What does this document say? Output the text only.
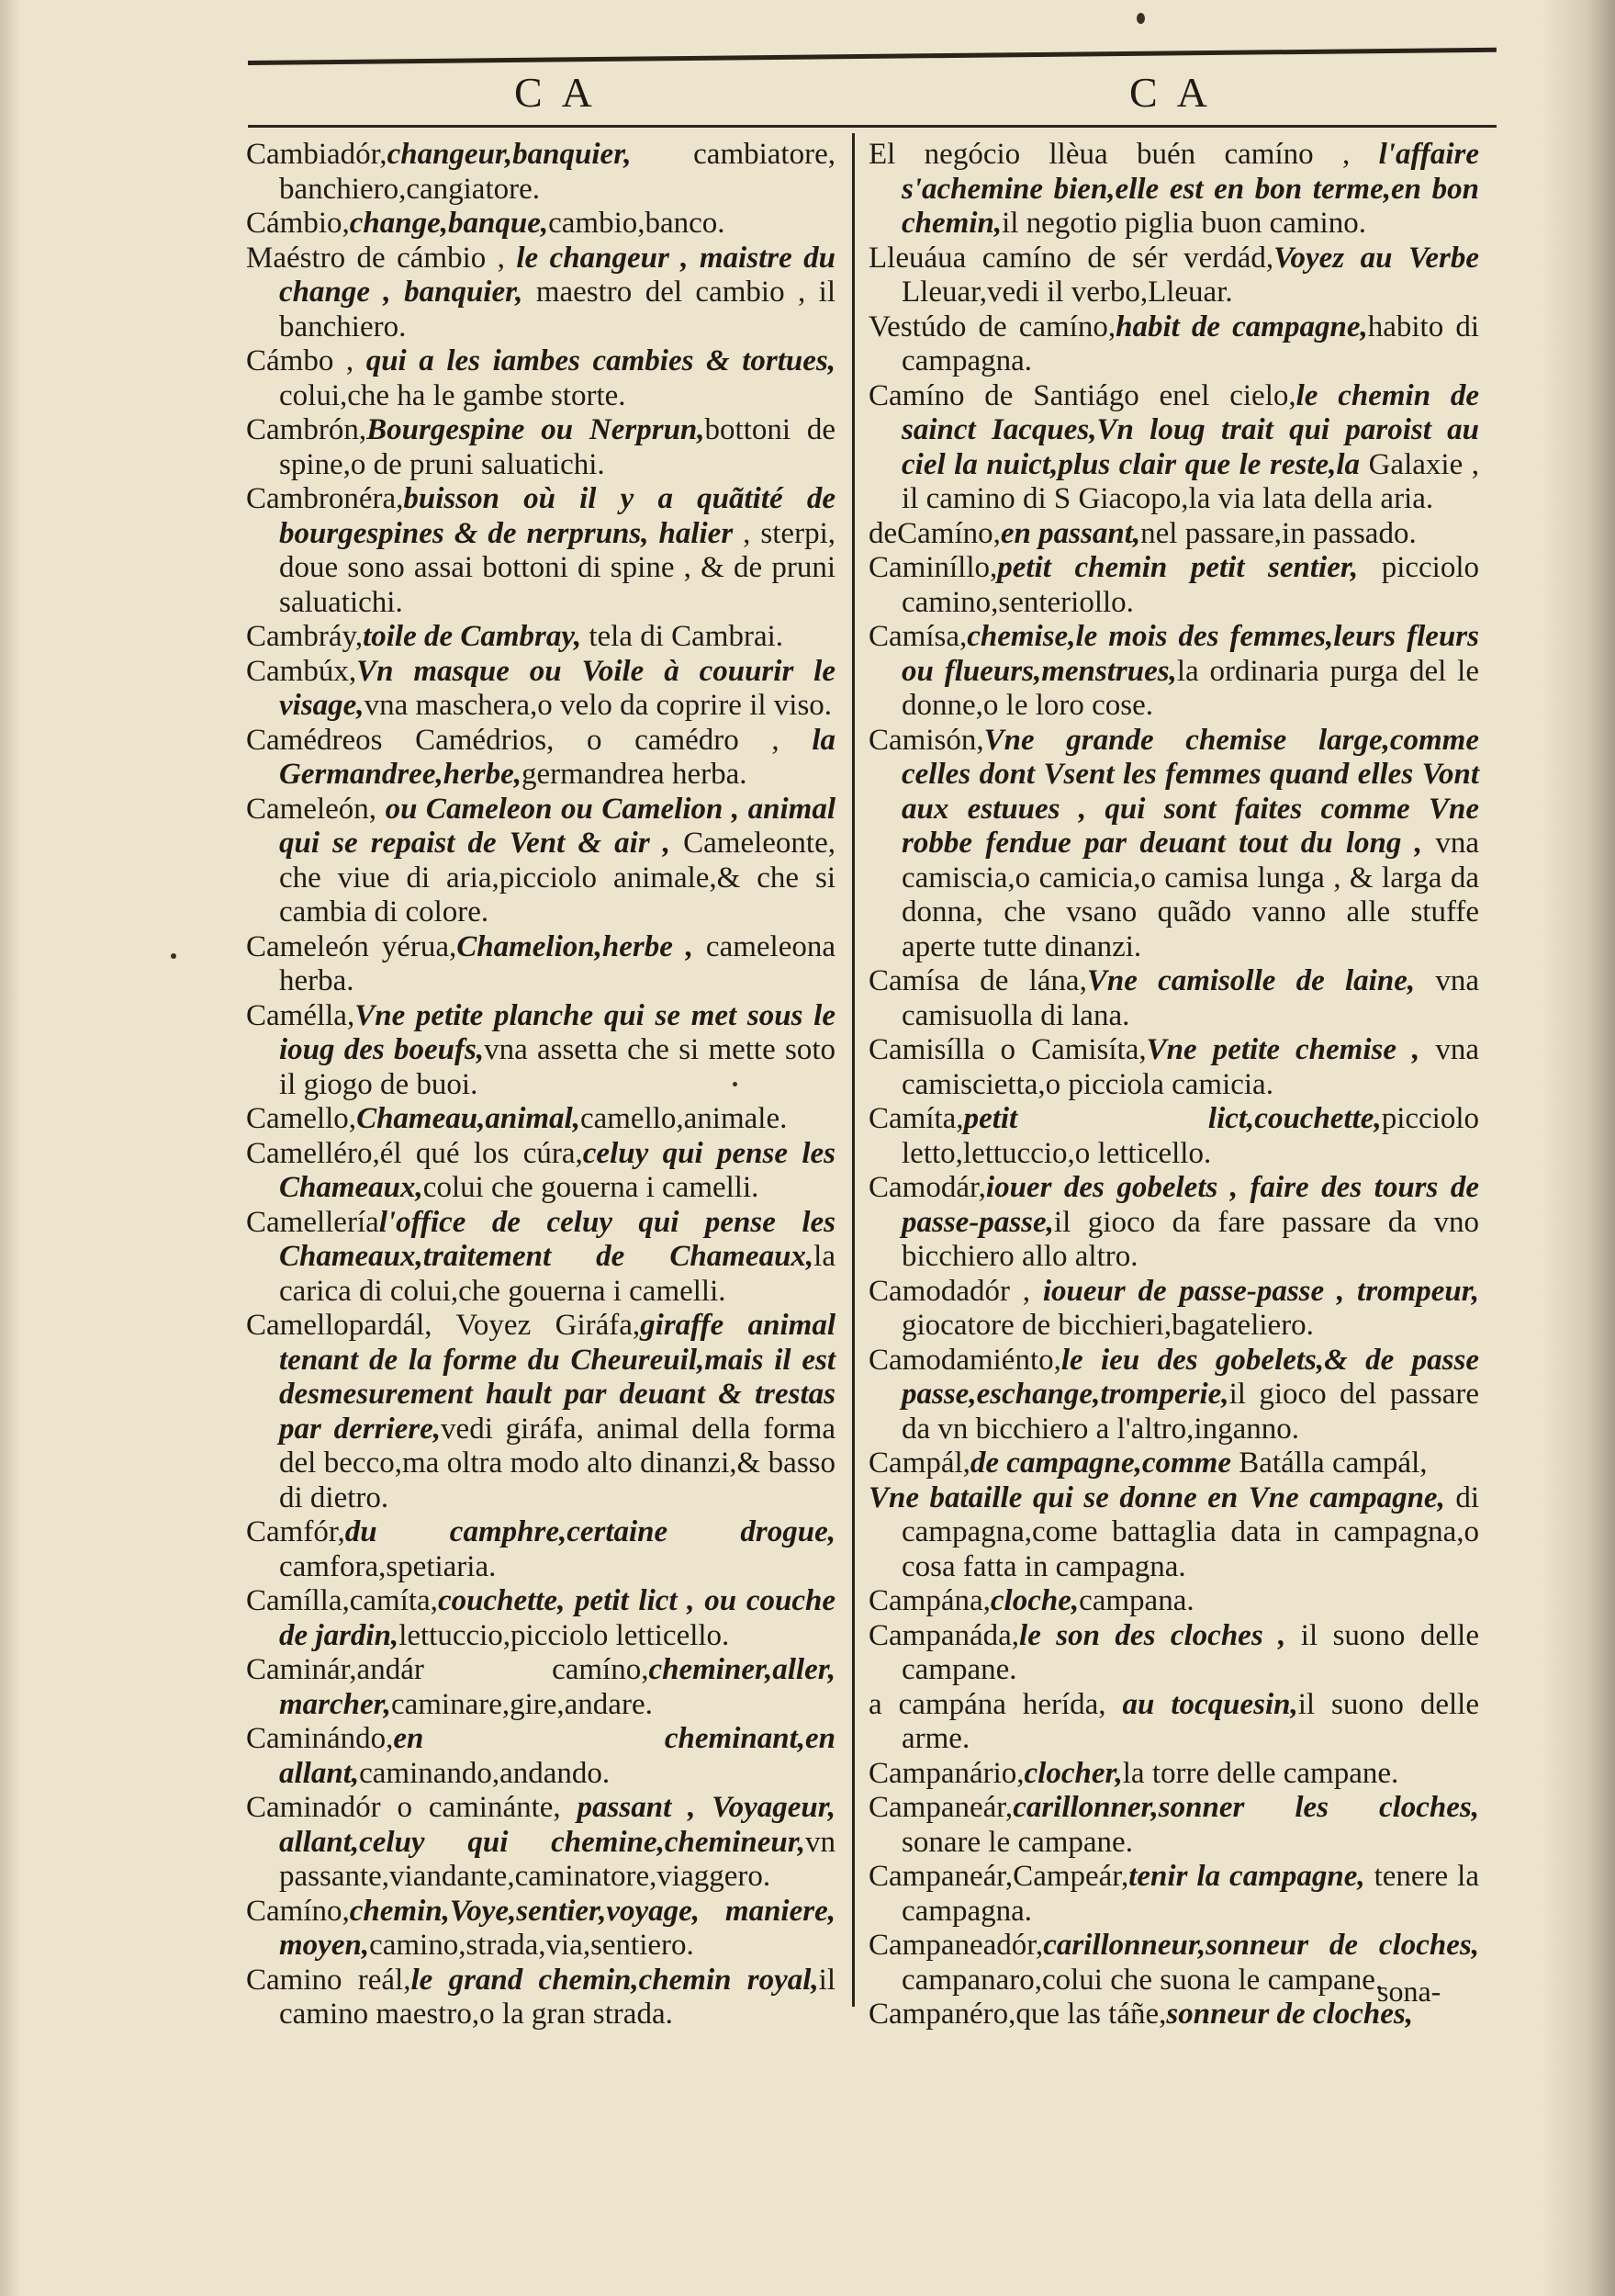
C A	C A

Cambiadór,changeur,banquier, cambiatore, banchiero,cangiatore.

Cámbio,change,banque,cambio,banco.

Maéstro de cámbio , le changeur , maistre du change , banquier, maestro del cambio , il banchiero.

Cámbo , qui a les iambes cambies & tortues, colui,che ha le gambe storte.

Cambrón,Bourgespine ou Nerprun,bottoni de spine,o de pruni saluatichi.

Cambronéra,buisson où il y a quãtité de bourgespines & de nerpruns, halier , sterpi, doue sono assai bottoni di spine , & de pruni saluatichi.

Cambráy,toile de Cambray, tela di Cambrai.

Cambúx,Vn masque ou Voile à couurir le visage,vna maschera,o velo da coprire il viso.

Camédreos Camédrios, o camédro , la Germandree,herbe,germandrea herba.

Cameleón, ou Cameleon ou Camelion , animal qui se repaist de Vent & air , Cameleonte, che viue di aria,picciolo animale,& che si cambia di colore.

Cameleón yérua,Chamelion,herbe , cameleona herba.

Caméllа,Vne petite planche qui se met sous le ioug des boeufs,vna assetta che si mette soto il giogo de buoi.

Camello,Chameau,animal,camello,animale.

Camelléro,él qué los cúra,celuy qui pense les Chameaux,colui che gouerna i camelli.

Camelleríal'office de celuy qui pense les Chameaux,traitement de Chameaux,la carica di colui,che gouerna i camelli.

Camellopardál, Voyez Giráfa,giraffe animal tenant de la forme du Cheureuil,mais il est desmesurement hault par deuant & trestas par derriere,vedi giráfa, animal della forma del becco,ma oltra modo alto dinanzi,& basso di dietro.

Camfór,du camphre,certaine drogue, camfora,spetiaria.

Camílla,camíta,couchette, petit lict , ou couche de jardin,lettuccio,picciolo letticello.

Caminár,andár camíno,cheminer,aller, marcher,caminare,gire,andare.

Caminándo,en cheminant,en allant,caminando,andando.

Caminadór o caminánte, passant , Voyageur, allant,celuy qui chemine,chemineur,vn passante,viandante,caminatore,viaggero.

Camíno,chemin,Voye,sentier,voyage, maniere, moyen,camino,strada,via,sentiero.

Camino reál,le grand chemin,chemin royal,il camino maestro,o la gran strada.

El negócio llèua buén camíno , l'affaire s'achemine bien,elle est en bon terme,en bon chemin,il negotio piglia buon camino.

Lleuáua camíno de sér verdád,Voyez au Verbe Lleuar,vedi il verbo,Lleuar.

Vestúdo de camíno,habit de campagne,habito di campagna.

Camíno de Santiágo enel cielo,le chemin de sainct Iacques,Vn loug trait qui paroist au ciel la nuict,plus clair que le reste,la Galaxie , il camino di S Giacopo,la via lata della aria.

deCamíno,en passant,nel passare,in passado.

Caminíllo,petit chemin petit sentier, picciolo camino,senteriollo.

Camísa,chemise,le mois des femmes,leurs fleurs ou flueurs,menstrues,la ordinaria purga del le donne,o le loro cose.

Camisón,Vne grande chemise large,comme celles dont Vsent les femmes quand elles Vont aux estuues , qui sont faites comme Vne robbe fendue par deuant tout du long , vna camiscia,o camicia,o camisa lunga , & larga da donna, che vsano quãdo vanno alle stuffe aperte tutte dinanzi.

Camísa de lána,Vne camisolle de laine, vna camisuolla di lana.

Camisílla o Camisíta,Vne petite chemise , vna camiscietta,o picciola camicia.

Camíta,petit lict,couchette,picciolo letto,lettuccio,o letticello.

Camodár,iouer des gobelets , faire des tours de passe-passe,il gioco da fare passare da vno bicchiero allo altro.

Camodadór , ioueur de passe-passe , trompeur, giocatore de bicchieri,bagateliero.

Camodamiénto,le ieu des gobelets,& de passe passe,eschange,tromperie,il gioco del passare da vn bicchiero a l'altro,inganno.

Campál,de campagne,comme Batálla campál,

Vne bataille qui se donne en Vne campagne, di campagna,come battaglia data in campagna,o cosa fatta in campagna.

Campána,cloche,campana.

Campanáda,le son des cloches , il suono delle campane.

a campána herída, au tocquesin,il suono delle arme.

Campanário,clocher,la torre delle campane.

Campaneár,carillonner,sonner les cloches, sonare le campane.

Campaneár,Campeár,tenir la campagne, tenere la campagna.

Campaneadór,carillonneur,sonneur de cloches, campanaro,colui che suona le campane.

Campanéro,que las táñe,sonneur de cloches,

sona-
